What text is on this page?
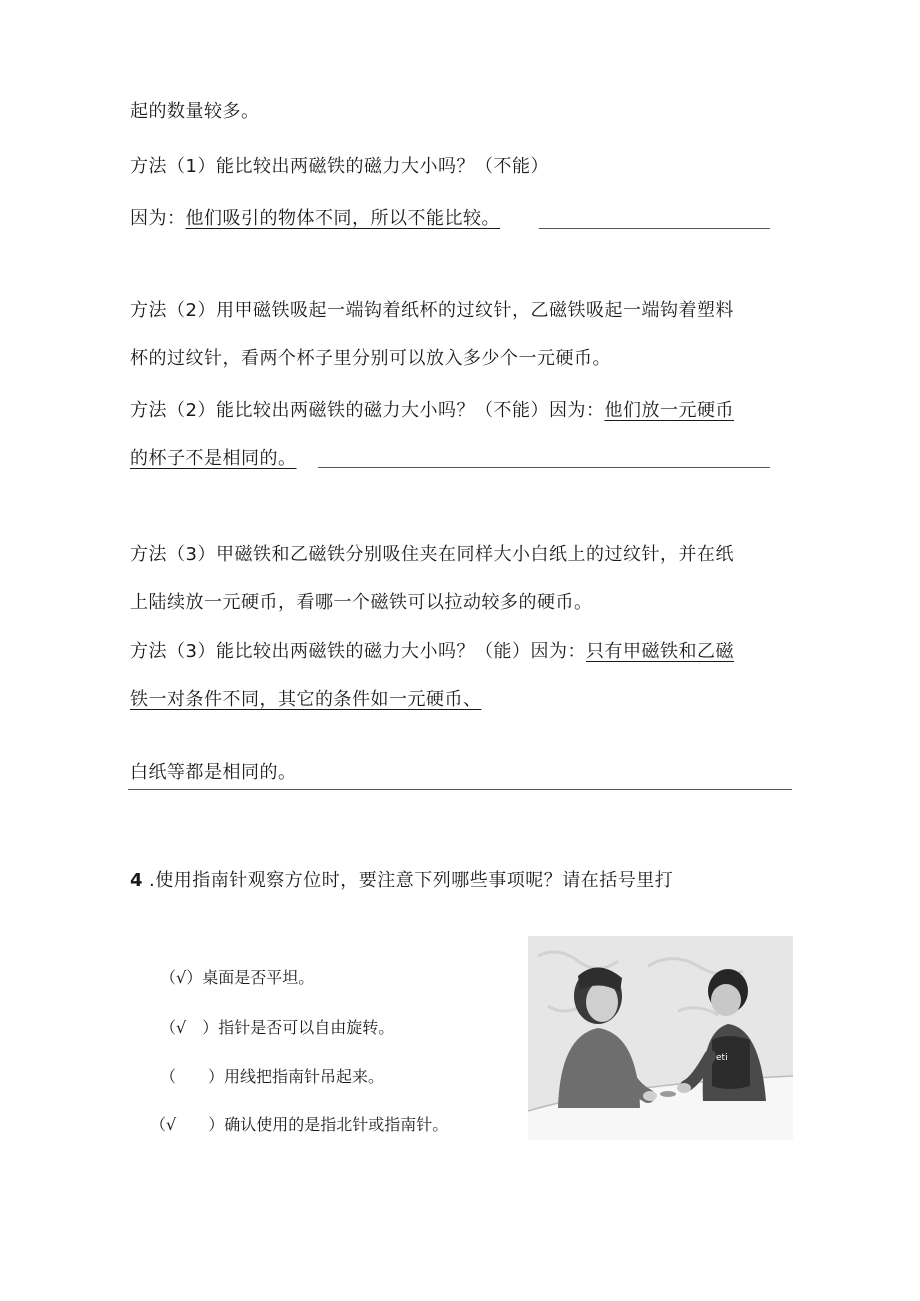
起的数量较多。
方法（1）能比较出两磁铁的磁力大小吗？（不能）
因为：他们吸引的物体不同，所以不能比较。
方法（2）用甲磁铁吸起一端钩着纸杯的过纹针，乙磁铁吸起一端钩着塑料
杯的过纹针，看两个杯子里分别可以放入多少个一元硬币。
方法（2）能比较出两磁铁的磁力大小吗？（不能）因为：他们放一元硬币
的杯子不是相同的。
方法（3）甲磁铁和乙磁铁分别吸住夹在同样大小白纸上的过纹针，并在纸
上陆续放一元硬币，看哪一个磁铁可以拉动较多的硬币。
方法（3）能比较出两磁铁的磁力大小吗？（能）因为：只有甲磁铁和乙磁
铁一对条件不同，其它的条件如一元硬币、
白纸等都是相同的。
4 .使用指南针观察方位时，要注意下列哪些事项呢？请在括号里打
（√）桌面是否平坦。
（√　）指针是否可以自由旋转。
（　　）用线把指南针吊起来。
（√　　）确认使用的是指北针或指南针。
eti
